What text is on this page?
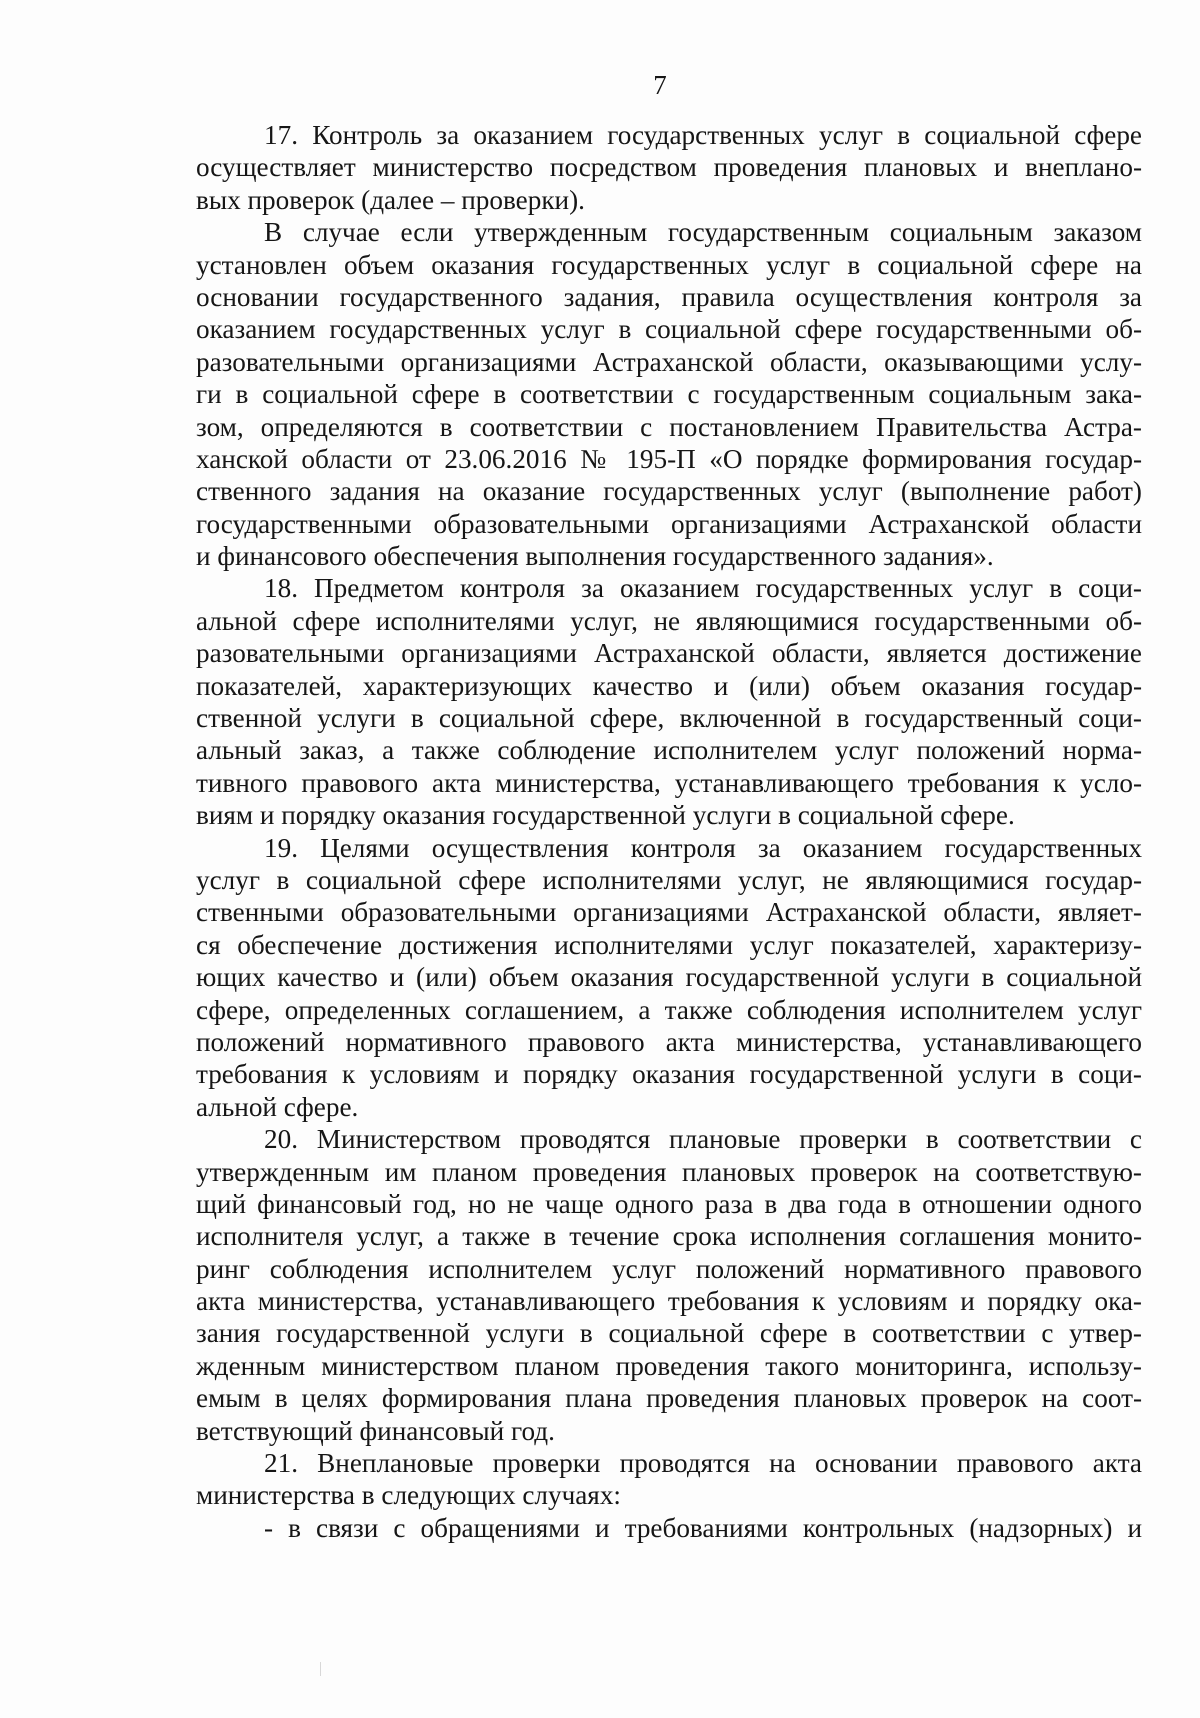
7
17. Контроль за оказанием государственных услуг в социальной сфере
осуществляет министерство посредством проведения плановых и внеплано-
вых проверок (далее – проверки).
В случае если утвержденным государственным социальным заказом
установлен объем оказания государственных услуг в социальной сфере на
основании государственного задания, правила осуществления контроля за
оказанием государственных услуг в социальной сфере государственными об-
разовательными организациями Астраханской области, оказывающими услу-
ги в социальной сфере в соответствии с государственным социальным зака-
зом, определяются в соответствии с постановлением Правительства Астра-
ханской области от 23.06.2016 № 195-П «О порядке формирования государ-
ственного задания на оказание государственных услуг (выполнение работ)
государственными образовательными организациями Астраханской области
и финансового обеспечения выполнения государственного задания».
18. Предметом контроля за оказанием государственных услуг в соци-
альной сфере исполнителями услуг, не являющимися государственными об-
разовательными организациями Астраханской области, является достижение
показателей, характеризующих качество и (или) объем оказания государ-
ственной услуги в социальной сфере, включенной в государственный соци-
альный заказ, а также соблюдение исполнителем услуг положений норма-
тивного правового акта министерства, устанавливающего требования к усло-
виям и порядку оказания государственной услуги в социальной сфере.
19. Целями осуществления контроля за оказанием государственных
услуг в социальной сфере исполнителями услуг, не являющимися государ-
ственными образовательными организациями Астраханской области, являет-
ся обеспечение достижения исполнителями услуг показателей, характеризу-
ющих качество и (или) объем оказания государственной услуги в социальной
сфере, определенных соглашением, а также соблюдения исполнителем услуг
положений нормативного правового акта министерства, устанавливающего
требования к условиям и порядку оказания государственной услуги в соци-
альной сфере.
20. Министерством проводятся плановые проверки в соответствии с
утвержденным им планом проведения плановых проверок на соответствую-
щий финансовый год, но не чаще одного раза в два года в отношении одного
исполнителя услуг, а также в течение срока исполнения соглашения монито-
ринг соблюдения исполнителем услуг положений нормативного правового
акта министерства, устанавливающего требования к условиям и порядку ока-
зания государственной услуги в социальной сфере в соответствии с утвер-
жденным министерством планом проведения такого мониторинга, использу-
емым в целях формирования плана проведения плановых проверок на соот-
ветствующий финансовый год.
21. Внеплановые проверки проводятся на основании правового акта
министерства в следующих случаях:
- в связи с обращениями и требованиями контрольных (надзорных) и
